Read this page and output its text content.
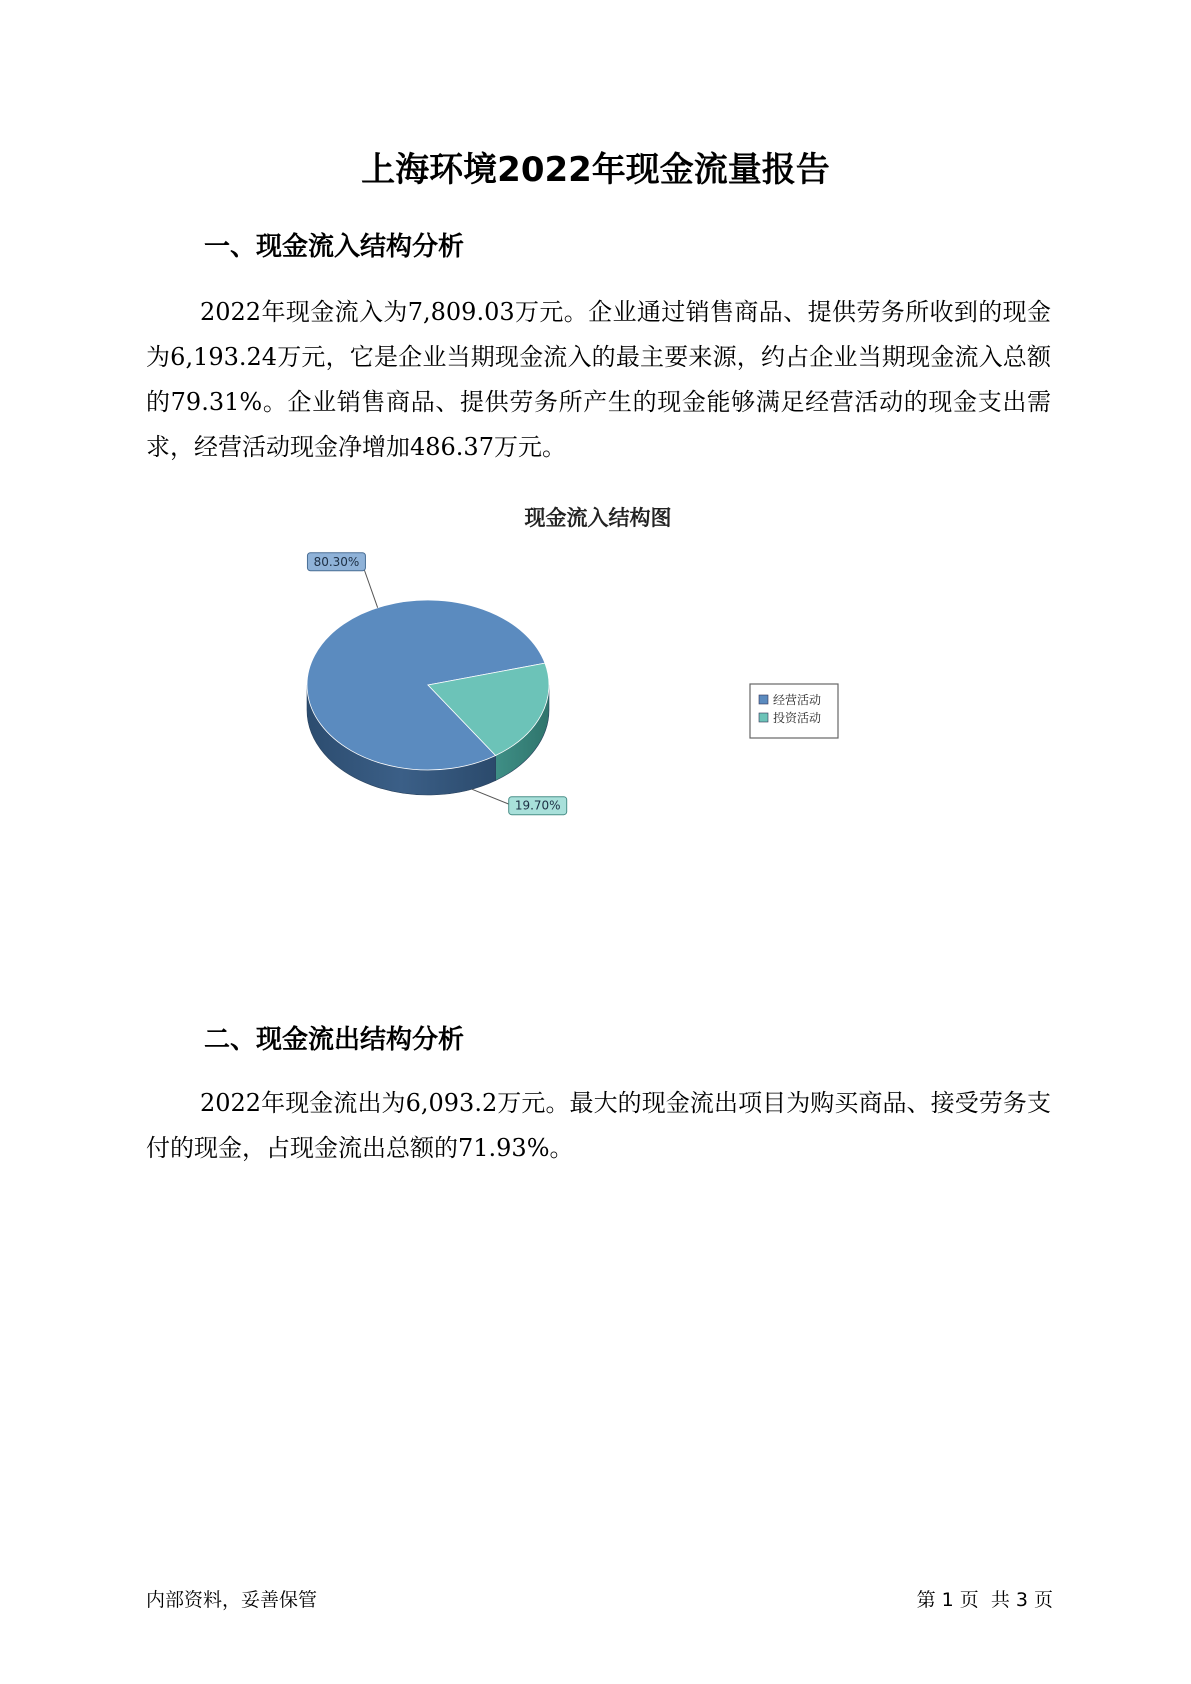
上海环境2022年现金流量报告
一、现金流入结构分析

2022年现金流入为7,809.03万元。企业通过销售商品、提供劳务所收到的现金为6,193.24万元，它是企业当期现金流入的最主要来源，约占企业当期现金流入总额的79.31%。企业销售商品、提供劳务所产生的现金能够满足经营活动的现金支出需求，经营活动现金净增加486.37万元。

现金流入结构图
80.30%
19.70%
经营活动
投资活动
二、现金流出结构分析

2022年现金流出为6,093.2万元。最大的现金流出项目为购买商品、接受劳务支付的现金，占现金流出总额的71.93%。

内部资料，妥善保管	第 1 页  共 3 页
